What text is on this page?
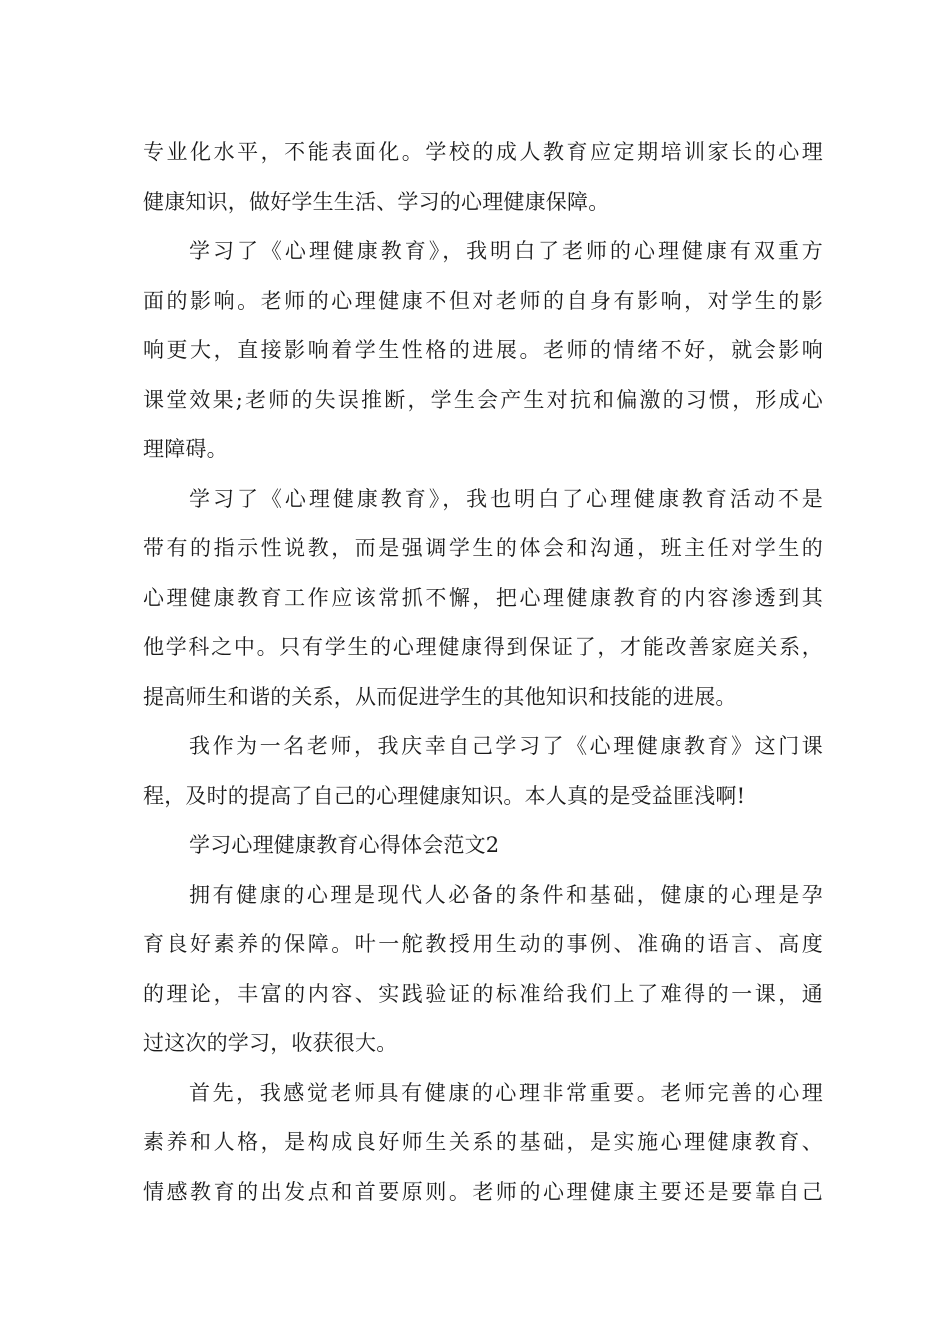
专业化水平，不能表面化。学校的成人教育应定期培训家长的心理
健康知识，做好学生生活、学习的心理健康保障。
学习了《心理健康教育》，我明白了老师的心理健康有双重方
面的影响。老师的心理健康不但对老师的自身有影响，对学生的影
响更大，直接影响着学生性格的进展。老师的情绪不好，就会影响
课堂效果;老师的失误推断，学生会产生对抗和偏激的习惯，形成心
理障碍。
学习了《心理健康教育》，我也明白了心理健康教育活动不是
带有的指示性说教，而是强调学生的体会和沟通，班主任对学生的
心理健康教育工作应该常抓不懈，把心理健康教育的内容渗透到其
他学科之中。只有学生的心理健康得到保证了，才能改善家庭关系，
提高师生和谐的关系，从而促进学生的其他知识和技能的进展。
我作为一名老师，我庆幸自己学习了《心理健康教育》这门课
程，及时的提高了自己的心理健康知识。本人真的是受益匪浅啊!
学习心理健康教育心得体会范文2
拥有健康的心理是现代人必备的条件和基础，健康的心理是孕
育良好素养的保障。叶一舵教授用生动的事例、准确的语言、高度
的理论，丰富的内容、实践验证的标准给我们上了难得的一课，通
过这次的学习，收获很大。
首先，我感觉老师具有健康的心理非常重要。老师完善的心理
素养和人格，是构成良好师生关系的基础，是实施心理健康教育、
情感教育的出发点和首要原则。老师的心理健康主要还是要靠自己
